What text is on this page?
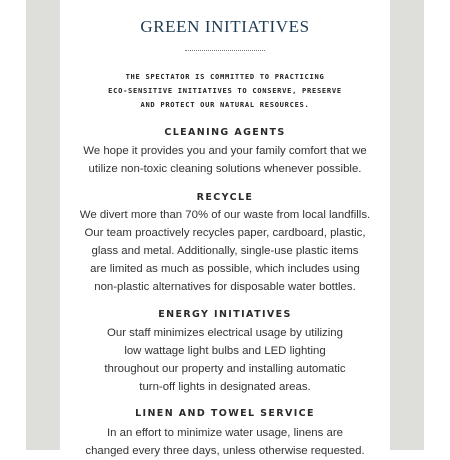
GREEN INITIATIVES
THE SPECTATOR IS COMMITTED TO PRACTICING
ECO-SENSITIVE INITIATIVES TO CONSERVE, PRESERVE
AND PROTECT OUR NATURAL RESOURCES.
CLEANING AGENTS
We hope it provides you and your family comfort that we
utilize non-toxic cleaning solutions whenever possible.
RECYCLE
We divert more than 70% of our waste from local landfills.
Our team proactively recycles paper, cardboard, plastic,
glass and metal. Additionally, single-use plastic items
are limited as much as possible, which includes using
non-plastic alternatives for disposable water bottles.
ENERGY INITIATIVES
Our staff minimizes electrical usage by utilizing
low wattage light bulbs and LED lighting
throughout our property and installing automatic
turn-off lights in designated areas.
LINEN AND TOWEL SERVICE
In an effort to minimize water usage, linens are
changed every three days, unless otherwise requested.
